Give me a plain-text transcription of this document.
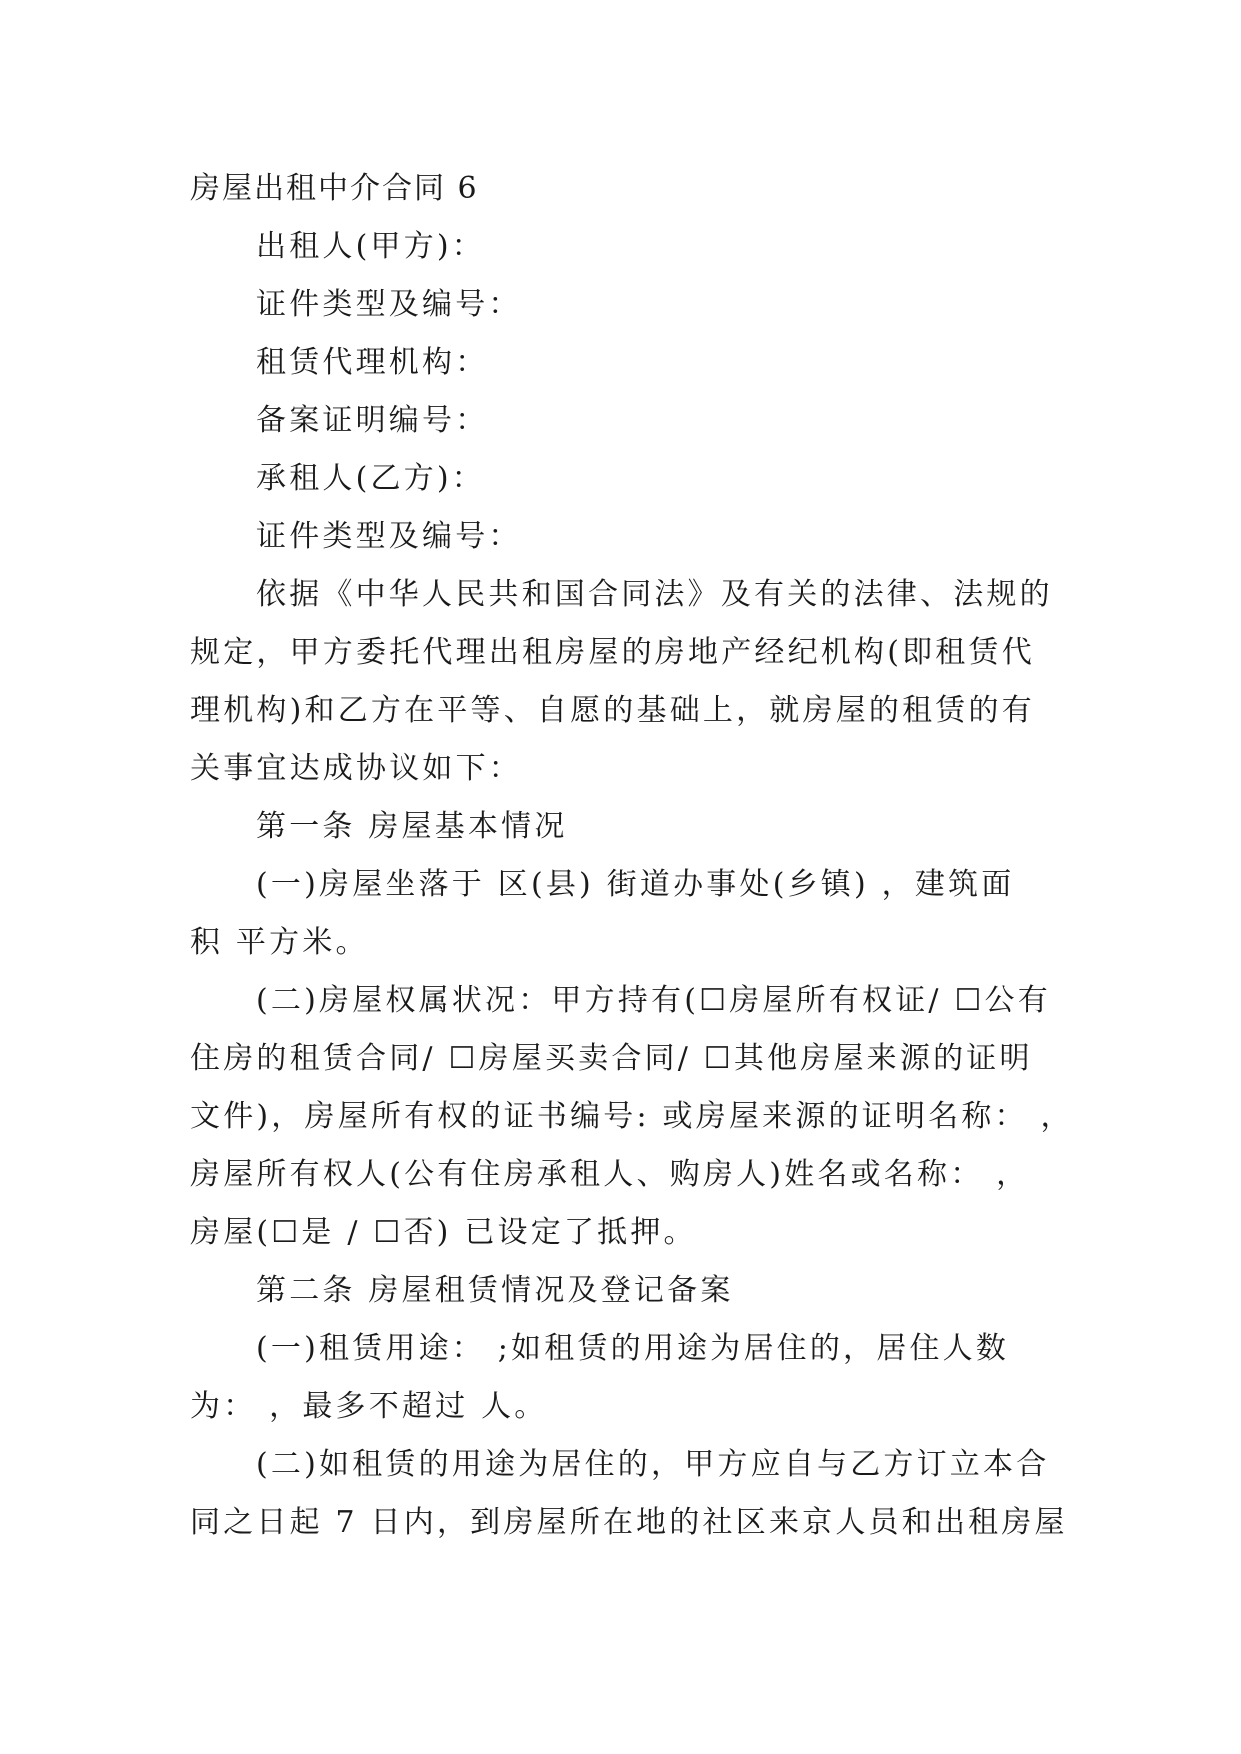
房屋出租中介合同 6
出租人(甲方)：
证件类型及编号：
租赁代理机构：
备案证明编号：
承租人(乙方)：
证件类型及编号：
依据《中华人民共和国合同法》及有关的法律、法规的
规定，甲方委托代理出租房屋的房地产经纪机构(即租赁代
理机构)和乙方在平等、自愿的基础上，就房屋的租赁的有
关事宜达成协议如下：
第一条 房屋基本情况
(一)房屋坐落于 区(县) 街道办事处(乡镇) ，建筑面
积 平方米。
(二)房屋权属状况：甲方持有(☐房屋所有权证/ ☐公有
住房的租赁合同/ ☐房屋买卖合同/ ☐其他房屋来源的证明
文件)，房屋所有权的证书编号: 或房屋来源的证明名称： ，
房屋所有权人(公有住房承租人、购房人)姓名或名称： ，
房屋(☐是 / ☐否) 已设定了抵押。
第二条 房屋租赁情况及登记备案
(一)租赁用途： ;如租赁的用途为居住的，居住人数
为： ，最多不超过 人。
(二)如租赁的用途为居住的，甲方应自与乙方订立本合
同之日起 7 日内，到房屋所在地的社区来京人员和出租房屋
